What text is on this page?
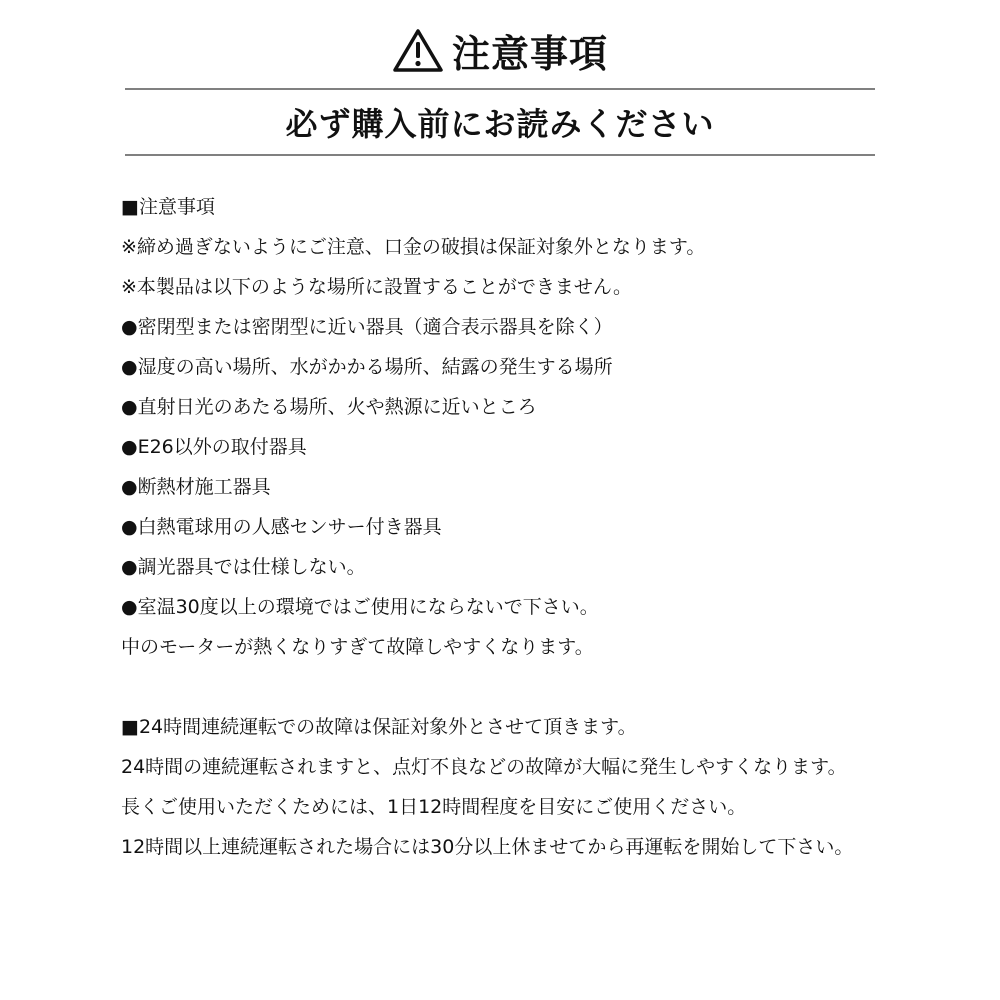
注意事項
必ず購入前にお読みください
■注意事項
※締め過ぎないようにご注意、口金の破損は保証対象外となります。
※本製品は以下のような場所に設置することができません。
●密閉型または密閉型に近い器具（適合表示器具を除く）
●湿度の高い場所、水がかかる場所、結露の発生する場所
●直射日光のあたる場所、火や熱源に近いところ
●E26以外の取付器具
●断熱材施工器具
●白熱電球用の人感センサー付き器具
●調光器具では仕様しない。
●室温30度以上の環境ではご使用にならないで下さい。
中のモーターが熱くなりすぎて故障しやすくなります。
■24時間連続運転での故障は保証対象外とさせて頂きます。
24時間の連続運転されますと、点灯不良などの故障が大幅に発生しやすくなります。
長くご使用いただくためには、1日12時間程度を目安にご使用ください。
12時間以上連続運転された場合には30分以上休ませてから再運転を開始して下さい。
